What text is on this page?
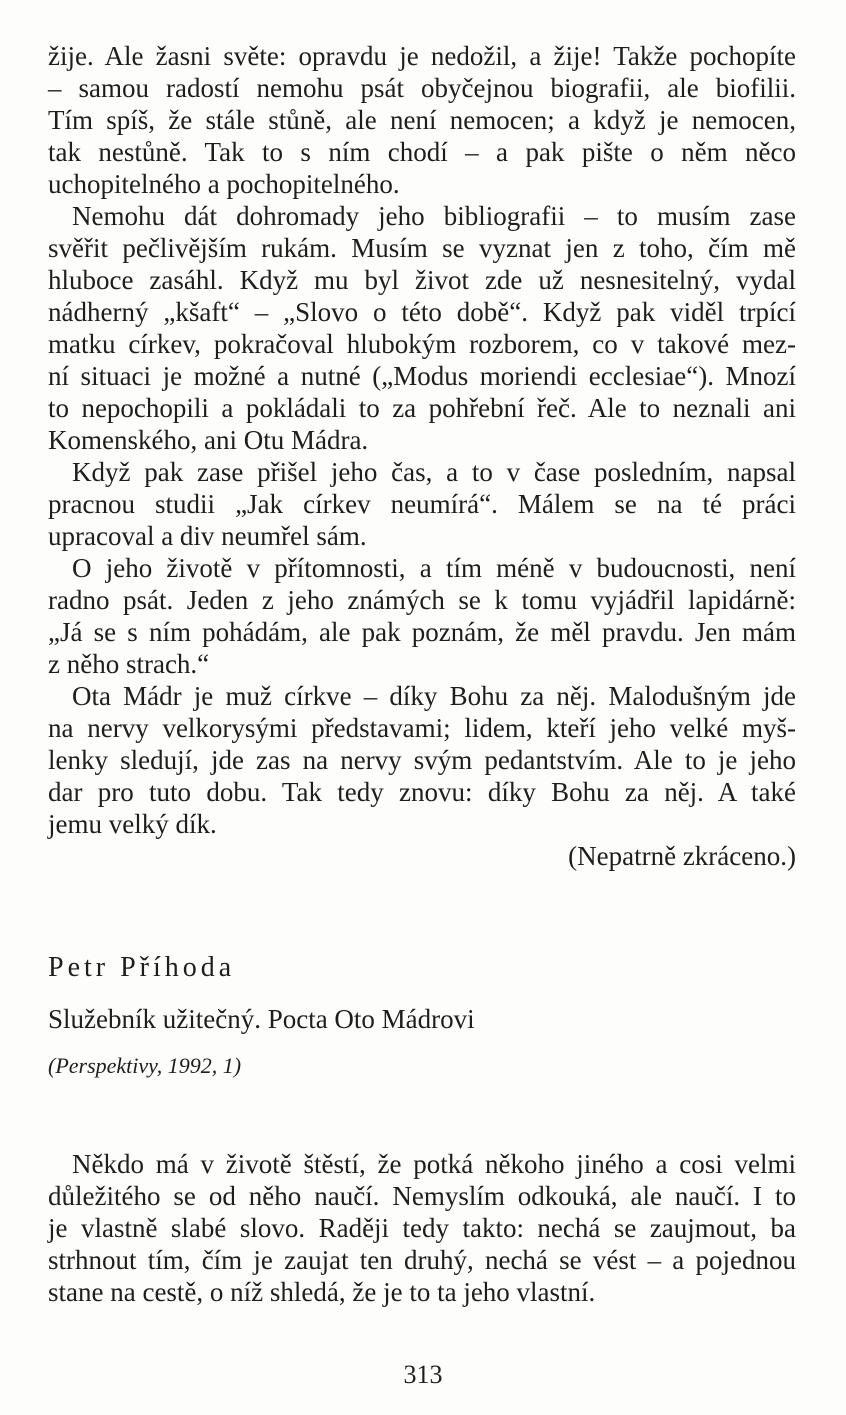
žije. Ale žasni světe: opravdu je nedožil, a žije! Takže pochopíte
– samou radostí nemohu psát obyčejnou biografii, ale biofilii.
Tím spíš, že stále stůně, ale není nemocen; a když je nemocen,
tak nestůně. Tak to s ním chodí – a pak pište o něm něco
uchopitelného a pochopitelného.
Nemohu dát dohromady jeho bibliografii – to musím zase
svěřit pečlivějším rukám. Musím se vyznat jen z toho, čím mě
hluboce zasáhl. Když mu byl život zde už nesnesitelný, vydal
nádherný „kšaft“ – „Slovo o této době“. Když pak viděl trpící
matku církev, pokračoval hlubokým rozborem, co v takové mez-
ní situaci je možné a nutné („Modus moriendi ecclesiae“). Mnozí
to nepochopili a pokládali to za pohřební řeč. Ale to neznali ani
Komenského, ani Otu Mádra.
Když pak zase přišel jeho čas, a to v čase posledním, napsal
pracnou studii „Jak církev neumírá“. Málem se na té práci
upracoval a div neumřel sám.
O jeho životě v přítomnosti, a tím méně v budoucnosti, není
radno psát. Jeden z jeho známých se k tomu vyjádřil lapidárně:
„Já se s ním pohádám, ale pak poznám, že měl pravdu. Jen mám
z něho strach.“
Ota Mádr je muž církve – díky Bohu za něj. Malodušným jde
na nervy velkorysými představami; lidem, kteří jeho velké myš-
lenky sledují, jde zas na nervy svým pedantstvím. Ale to je jeho
dar pro tuto dobu. Tak tedy znovu: díky Bohu za něj. A také
jemu velký dík.
(Nepatrně zkráceno.)
Petr Příhoda
Služebník užitečný. Pocta Oto Mádrovi
(Perspektivy, 1992, 1)
Někdo má v životě štěstí, že potká někoho jiného a cosi velmi
důležitého se od něho naučí. Nemyslím odkouká, ale naučí. I to
je vlastně slabé slovo. Raději tedy takto: nechá se zaujmout, ba
strhnout tím, čím je zaujat ten druhý, nechá se vést – a pojednou
stane na cestě, o níž shledá, že je to ta jeho vlastní.
313
